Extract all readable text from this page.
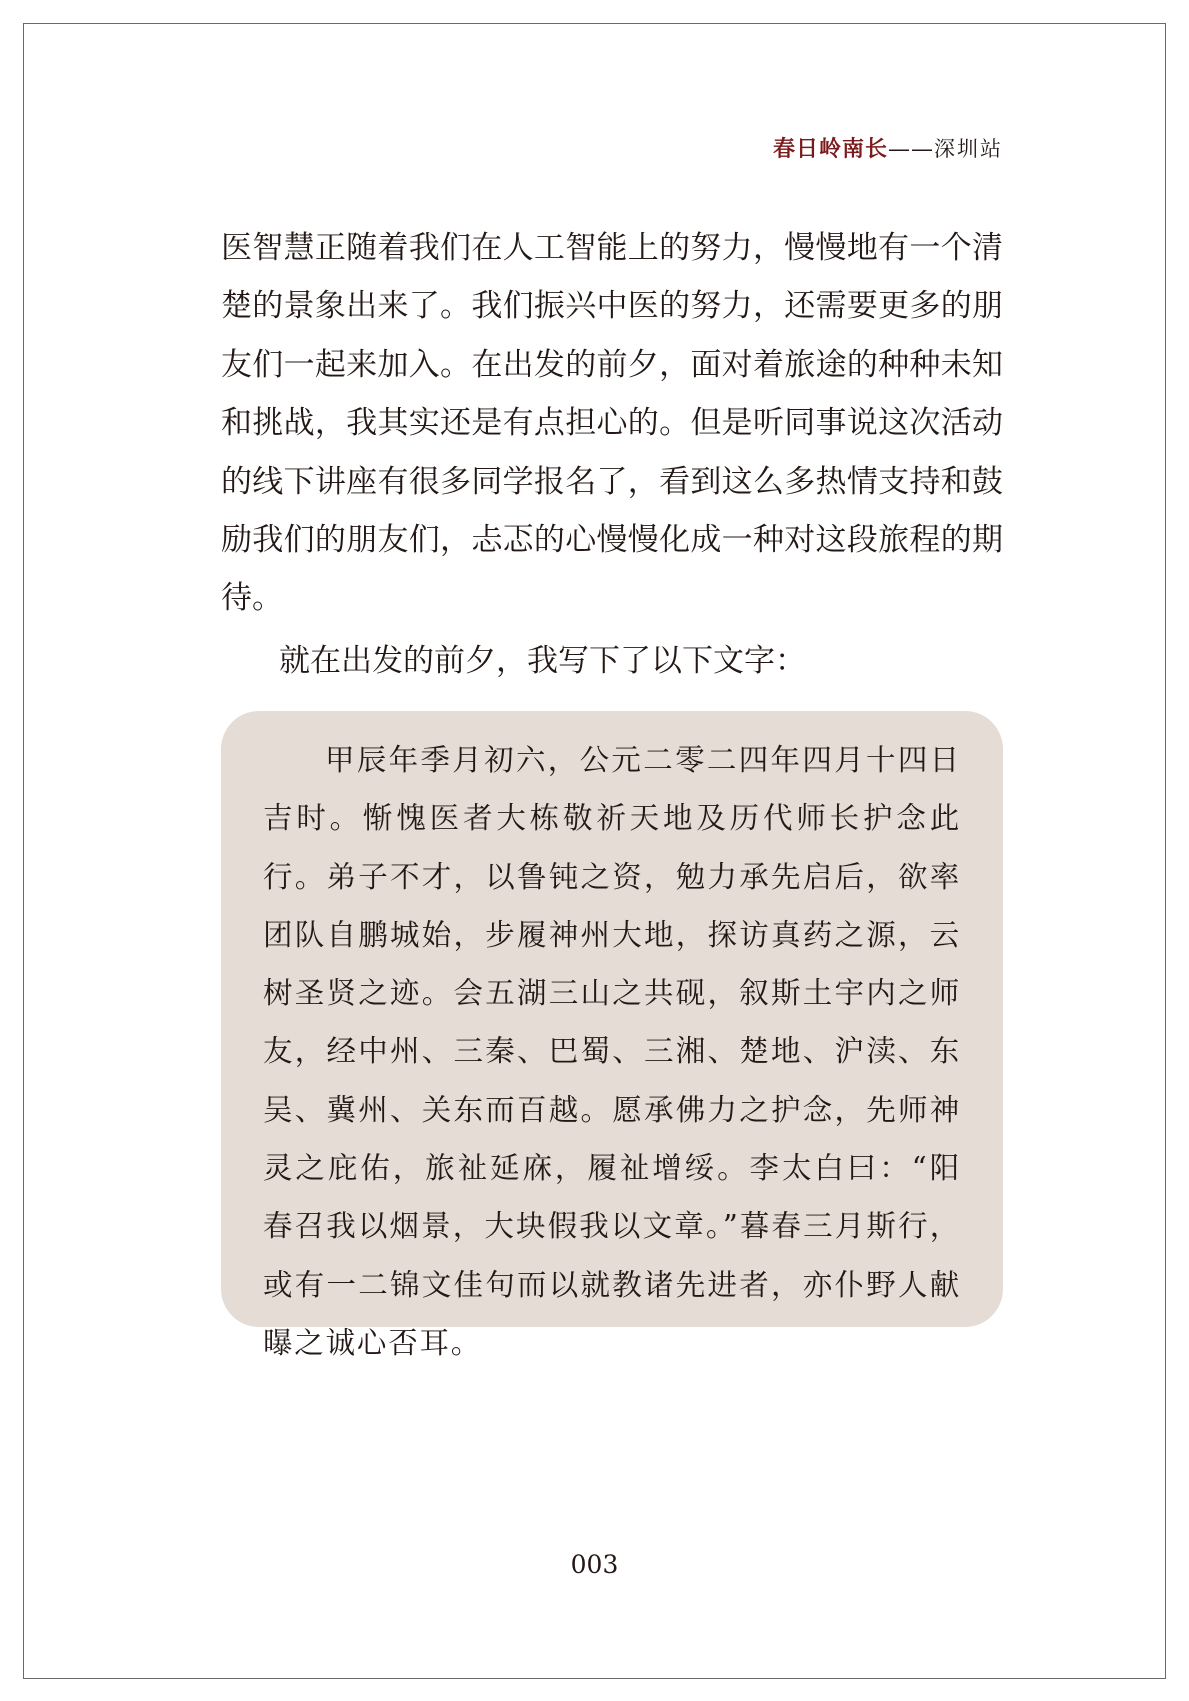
春日岭南长——深圳站

医智慧正随着我们在人工智能上的努力，慢慢地有一个清楚的景象出来了。我们振兴中医的努力，还需要更多的朋友们一起来加入。在出发的前夕，面对着旅途的种种未知和挑战，我其实还是有点担心的。但是听同事说这次活动的线下讲座有很多同学报名了，看到这么多热情支持和鼓励我们的朋友们，忐忑的心慢慢化成一种对这段旅程的期待。

就在出发的前夕，我写下了以下文字：

甲辰年季月初六，公元二零二四年四月十四日吉时。惭愧医者大栋敬祈天地及历代师长护念此行。弟子不才，以鲁钝之资，勉力承先启后，欲率团队自鹏城始，步履神州大地，探访真药之源，云树圣贤之迹。会五湖三山之共砚，叙斯土宇内之师友，经中州、三秦、巴蜀、三湘、楚地、沪渎、东吴、冀州、关东而百越。愿承佛力之护念，先师神灵之庇佑，旅祉延庥，履祉增绥。李太白曰：“阳春召我以烟景，大块假我以文章。”暮春三月斯行，或有一二锦文佳句而以就教诸先进者，亦仆野人献曝之诚心否耳。

003
